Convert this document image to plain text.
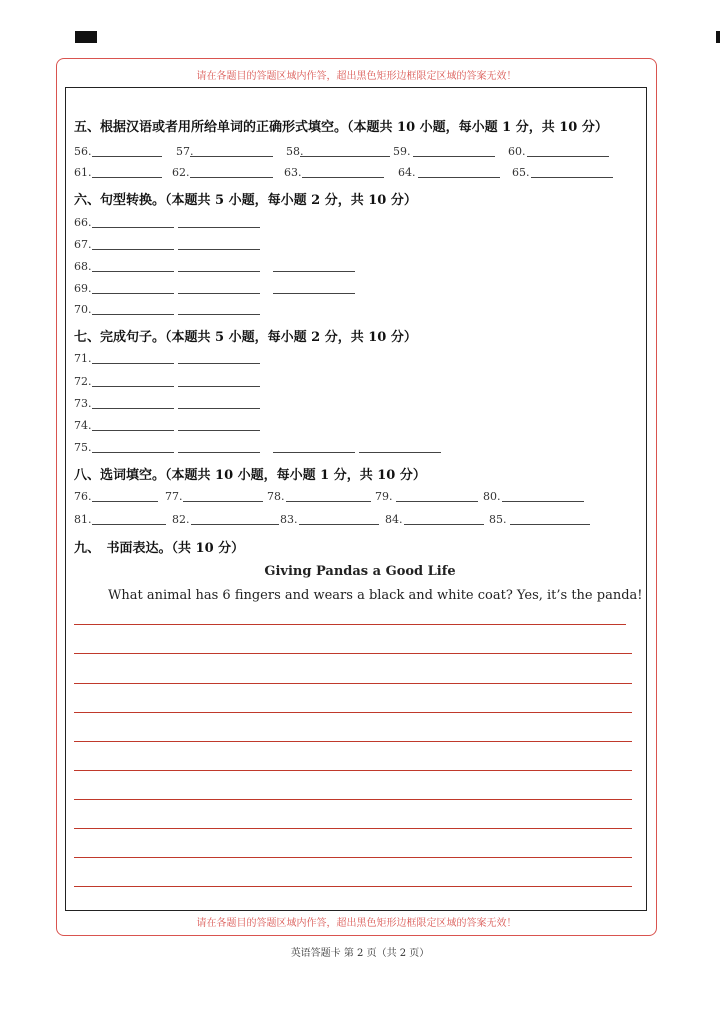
请在各题目的答题区域内作答，超出黑色矩形边框限定区域的答案无效！
请在各题目的答题区域内作答，超出黑色矩形边框限定区域的答案无效！
五、根据汉语或者用所给单词的正确形式填空。（本题共 10 小题，每小题 1 分，共 10 分）
56.	57.	58.	59.	60.
61.	62.	63.	64.	65.
六、句型转换。（本题共 5 小题，每小题 2 分，共 10 分）
66.
67.
68.
69.
70.
七、完成句子。（本题共 5 小题，每小题 2 分，共 10 分）
71.
72.
73.
74.
75.
八、选词填空。（本题共 10 小题，每小题 1 分，共 10 分）
76.	77.	78.	79.	80.
81.	82.	83.	84.	85.
九、　书面表达。（共 10 分）
Giving Pandas a Good Life
What animal has 6 fingers and wears a black and white coat? Yes, it’s the panda!
英语答题卡 第 2 页（共 2 页）
